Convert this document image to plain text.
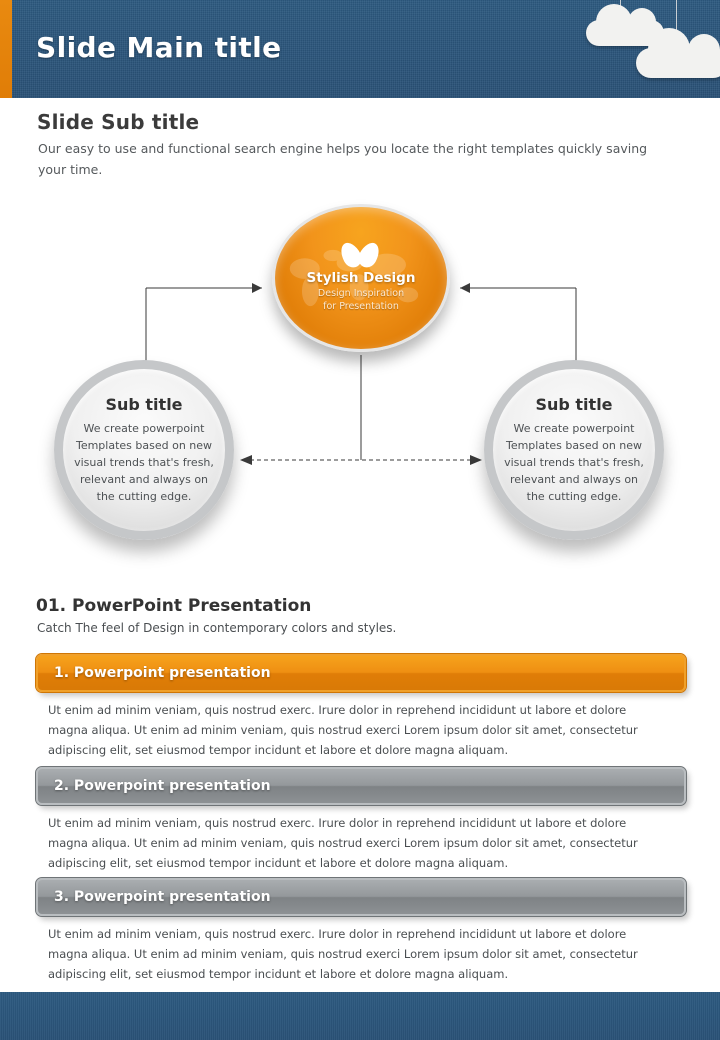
Slide Main title
Slide Sub title
Our easy to use and functional search engine helps you locate the right templates quickly saving your time.
Stylish Design
Design Inspiration
for Presentation
Sub title
We create powerpoint Templates based on new visual trends that's fresh, relevant and always on the cutting edge.
Sub title
We create powerpoint Templates based on new visual trends that's fresh, relevant and always on the cutting edge.
01. PowerPoint Presentation
Catch The feel of Design in contemporary colors and styles.
1. Powerpoint presentation
Ut enim ad minim veniam, quis nostrud exerc. Irure dolor in reprehend incididunt ut labore et dolore magna aliqua. Ut enim ad minim veniam, quis nostrud exerci Lorem ipsum dolor sit amet, consectetur adipiscing elit, set eiusmod tempor incidunt et labore et dolore magna aliquam.
2. Powerpoint presentation
Ut enim ad minim veniam, quis nostrud exerc. Irure dolor in reprehend incididunt ut labore et dolore magna aliqua. Ut enim ad minim veniam, quis nostrud exerci Lorem ipsum dolor sit amet, consectetur adipiscing elit, set eiusmod tempor incidunt et labore et dolore magna aliquam.
3. Powerpoint presentation
Ut enim ad minim veniam, quis nostrud exerc. Irure dolor in reprehend incididunt ut labore et dolore magna aliqua. Ut enim ad minim veniam, quis nostrud exerci Lorem ipsum dolor sit amet, consectetur adipiscing elit, set eiusmod tempor incidunt et labore et dolore magna aliquam.
